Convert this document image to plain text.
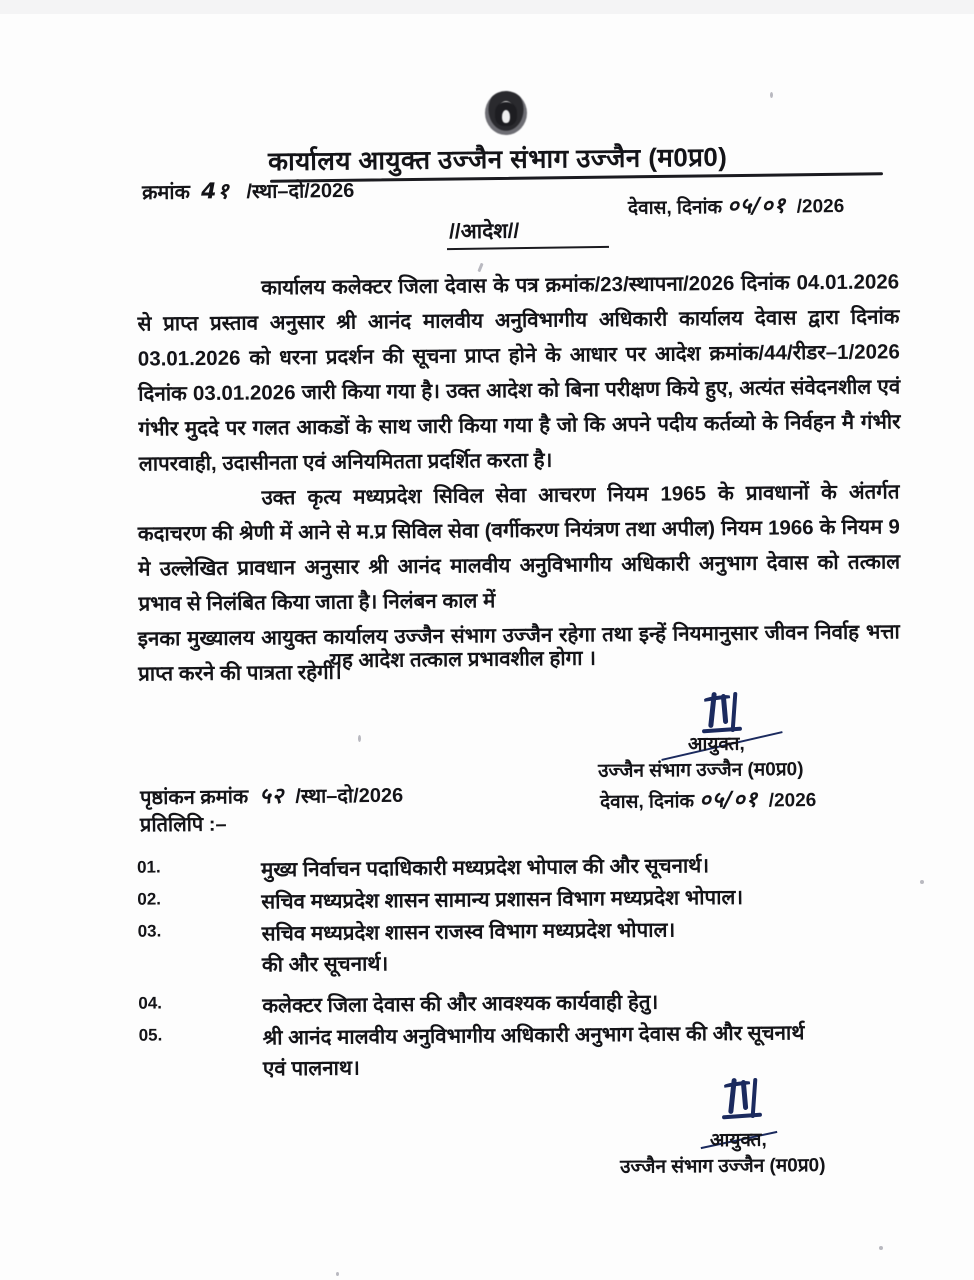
कार्यालय आयुक्त उज्जैन संभाग उज्जैन (म0प्र0)
क्रमांक 4१ /स्था–दो/2026
देवास, दिनांक ०५/०१ /2026
//आदेश//

कार्यालय कलेक्टर जिला देवास के पत्र क्रमांक/23/स्थापना/2026 दिनांक 04.01.2026 से प्राप्त प्रस्ताव अनुसार श्री आनंद मालवीय अनुविभागीय अधिकारी कार्यालय देवास द्वारा दिनांक 03.01.2026 को धरना प्रदर्शन की सूचना प्राप्त होने के आधार पर आदेश क्रमांक/44/रीडर–1/2026 दिनांक 03.01.2026 जारी किया गया है। उक्त आदेश को बिना परीक्षण किये हुए, अत्यंत संवेदनशील एवं गंभीर मुददे पर गलत आकडों के साथ जारी किया गया है जो कि अपने पदीय कर्तव्यो के निर्वहन मै गंभीर लापरवाही, उदासीनता एवं अनियमितता प्रदर्शित करता है।

उक्त कृत्य मध्यप्रदेश सिविल सेवा आचरण नियम 1965 के प्रावधानों के अंतर्गत कदाचरण की श्रेणी में आने से म.प्र सिविल सेवा (वर्गीकरण नियंत्रण तथा अपील) नियम 1966 के नियम 9 मे उल्लेखित प्रावधान अनुसार श्री आनंद मालवीय अनुविभागीय अधिकारी अनुभाग देवास को तत्काल प्रभाव से निलंबित किया जाता है। निलंबन काल में

इनका मुख्यालय आयुक्त कार्यालय उज्जैन संभाग उज्जैन रहेगा तथा इन्हें नियमानुसार जीवन निर्वाह भत्ता प्राप्त करने की पात्रता रहेगी।

यह आदेश तत्काल प्रभावशील होगा ।
आयुक्त,
उज्जैन संभाग उज्जैन (म0प्र0)
देवास, दिनांक ०५/०१ /2026
पृष्ठांकन क्रमांक ५२ /स्था–दो/2026
प्रतिलिपि :–
01.	मुख्य निर्वाचन पदाधिकारी मध्यप्रदेश भोपाल की और सूचनार्थ।
02.	सचिव मध्यप्रदेश शासन सामान्य प्रशासन विभाग मध्यप्रदेश भोपाल।
03.	सचिव मध्यप्रदेश शासन राजस्व विभाग मध्यप्रदेश भोपाल।
की और सूचनार्थ।
04.	कलेक्टर जिला देवास की और आवश्यक कार्यवाही हेतु।
05.	श्री आनंद मालवीय अनुविभागीय अधिकारी अनुभाग देवास की और सूचनार्थ
एवं पालनाथ।
आयुक्त,
उज्जैन संभाग उज्जैन (म0प्र0)
